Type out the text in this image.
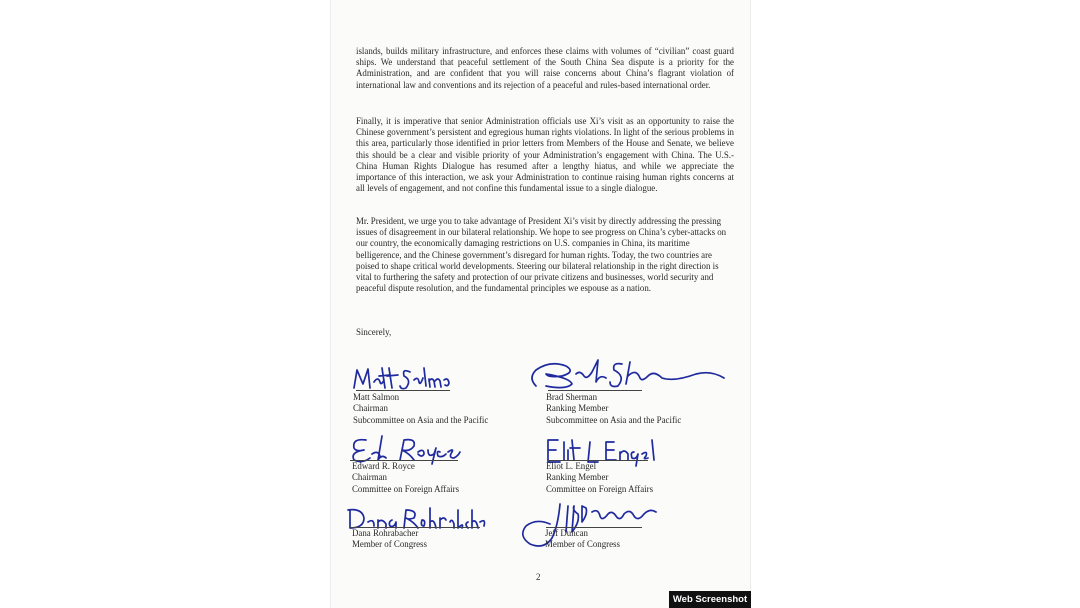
islands, builds military infrastructure, and enforces these claims with volumes of “civilian” coast guard ships. We understand that peaceful settlement of the South China Sea dispute is a priority for the Administration, and are confident that you will raise concerns about China’s flagrant violation of international law and conventions and its rejection of a peaceful and rules-based international order.

Finally, it is imperative that senior Administration officials use Xi’s visit as an opportunity to raise the Chinese government’s persistent and egregious human rights violations. In light of the serious problems in this area, particularly those identified in prior letters from Members of the House and Senate, we believe this should be a clear and visible priority of your Administration’s engagement with China. The U.S.-China Human Rights Dialogue has resumed after a lengthy hiatus, and while we appreciate the importance of this interaction, we ask your Administration to continue raising human rights concerns at all levels of engagement, and not confine this fundamental issue to a single dialogue.

Mr. President, we urge you to take advantage of President Xi’s visit by directly addressing the pressing issues of disagreement in our bilateral relationship. We hope to see progress on China’s cyber-attacks on our country, the economically damaging restrictions on U.S. companies in China, its maritime belligerence, and the Chinese government’s disregard for human rights. Today, the two countries are poised to shape critical world developments. Steering our bilateral relationship in the right direction is vital to furthering the safety and protection of our private citizens and businesses, world security and peaceful dispute resolution, and the fundamental principles we espouse as a nation.

Sincerely,
Matt Salmon
Chairman
Subcommittee on Asia and the Pacific
Brad Sherman
Ranking Member
Subcommittee on Asia and the Pacific
Edward R. Royce
Chairman
Committee on Foreign Affairs
Eliot L. Engel
Ranking Member
Committee on Foreign Affairs
Dana Rohrabacher
Member of Congress
Jeff Duncan
Member of Congress
2
Web Screenshot
